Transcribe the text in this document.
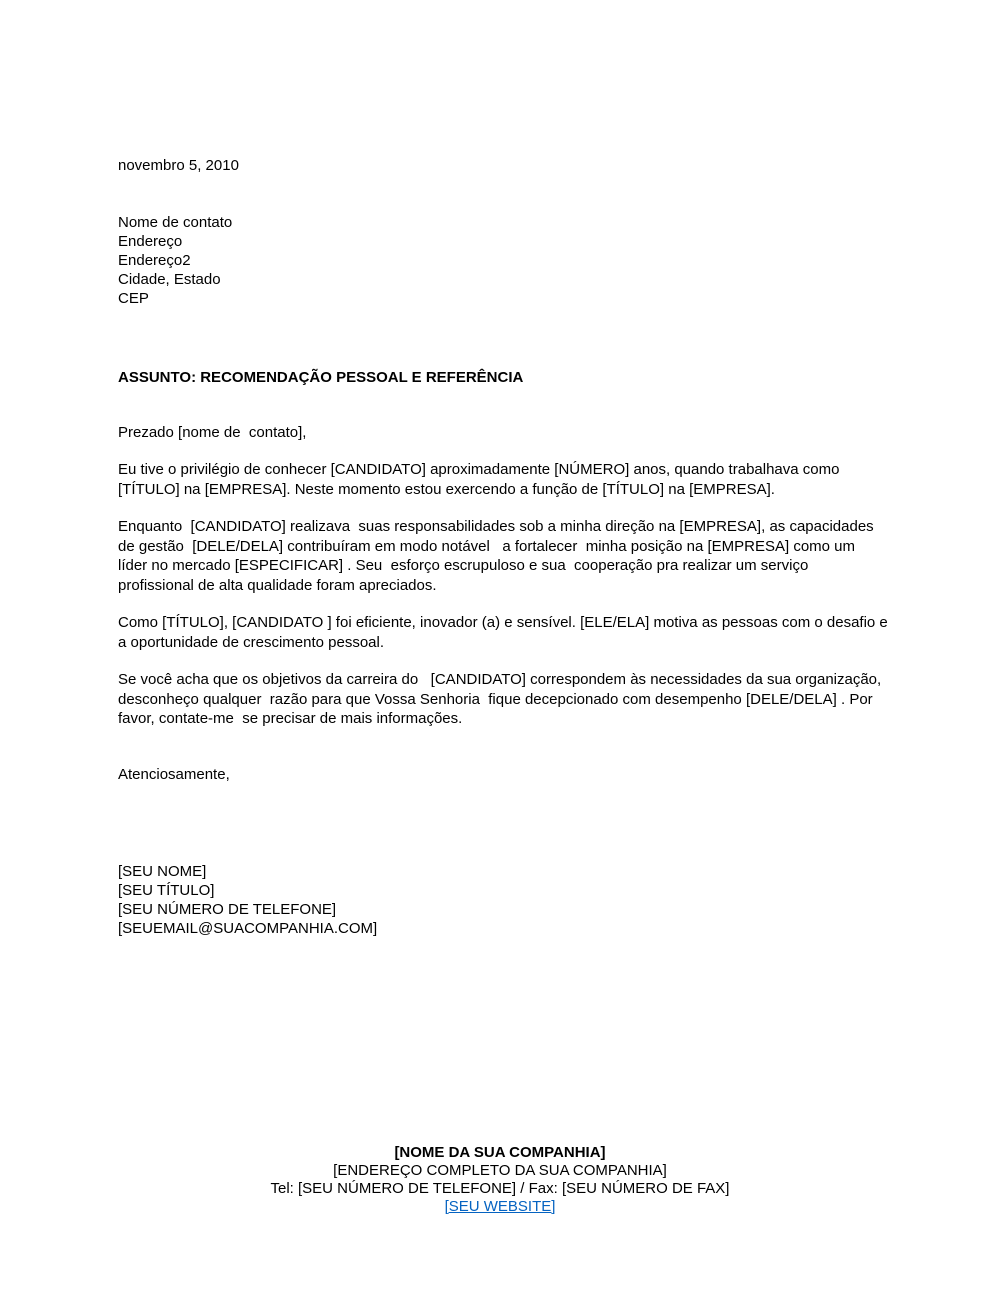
novembro 5, 2010

Nome de contato

Endereço

Endereço2

Cidade, Estado

CEP

ASSUNTO: RECOMENDAÇÃO PESSOAL E REFERÊNCIA

Prezado [nome de  contato],

Eu tive o privilégio de conhecer [CANDIDATO] aproximadamente [NÚMERO] anos, quando trabalhava como [TÍTULO] na [EMPRESA]. Neste momento estou exercendo a função de [TÍTULO] na [EMPRESA].

Enquanto  [CANDIDATO] realizava  suas responsabilidades sob a minha direção na [EMPRESA], as capacidades de gestão  [DELE/DELA] contribuíram em modo notável   a fortalecer  minha posição na [EMPRESA] como um líder no mercado [ESPECIFICAR] . Seu  esforço escrupuloso e sua  cooperação pra realizar um serviço profissional de alta qualidade foram apreciados.

Como [TÍTULO], [CANDIDATO ] foi eficiente, inovador (a) e sensível. [ELE/ELA] motiva as pessoas com o desafio e a oportunidade de crescimento pessoal.

Se você acha que os objetivos da carreira do   [CANDIDATO] correspondem às necessidades da sua organização, desconheço qualquer  razão para que Vossa Senhoria  fique decepcionado com desempenho [DELE/DELA] . Por favor, contate-me  se precisar de mais informações.

Atenciosamente,

[SEU NOME]

[SEU TÍTULO]

[SEU NÚMERO DE TELEFONE]

[SEUEMAIL@SUACOMPANHIA.COM]

[NOME DA SUA COMPANHIA]

[ENDEREÇO COMPLETO DA SUA COMPANHIA]

Tel: [SEU NÚMERO DE TELEFONE] / Fax: [SEU NÚMERO DE FAX]

[SEU WEBSITE]
